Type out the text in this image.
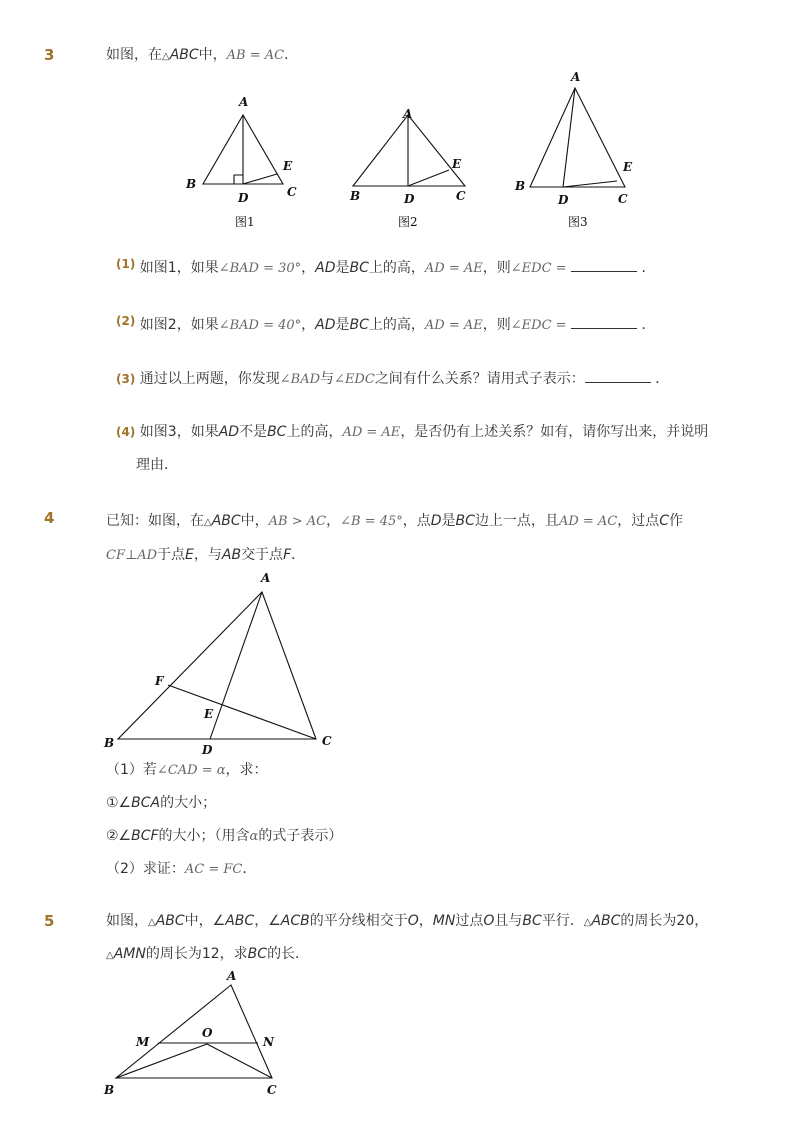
3	如图，在△ABC中，AB = AC．
A
B
C
D
E
图1
A
B	C
D
E
图2
A
B
C
D
E
图3
(1) 如图1，如果∠BAD = 30°，AD是BC上的高，AD = AE，则∠EDC =	．
(2) 如图2，如果∠BAD = 40°，AD是BC上的高，AD = AE，则∠EDC =	．
(3) 通过以上两题，你发现∠BAD与∠EDC之间有什么关系？请用式子表示：	．
(4) 如图3，如果AD不是BC上的高，AD = AE，是否仍有上述关系？如有，请你写出来，并说明
理由．
4	已知：如图，在△ABC中，AB > AC，∠B = 45°，点D是BC边上一点，且AD = AC，过点C作
CF⊥AD于点E，与AB交于点F．
A
B	C
D
E
F
（1）若∠CAD = α，求：
①∠BCA的大小；
②∠BCF的大小；（用含α的式子表示）
（2）求证：AC = FC．
5	如图，△ABC中，∠ABC，∠ACB的平分线相交于O，MN过点O且与BC平行．△ABC的周长为20，
△AMN的周长为12，求BC的长．
A
B	C
M	N
O
